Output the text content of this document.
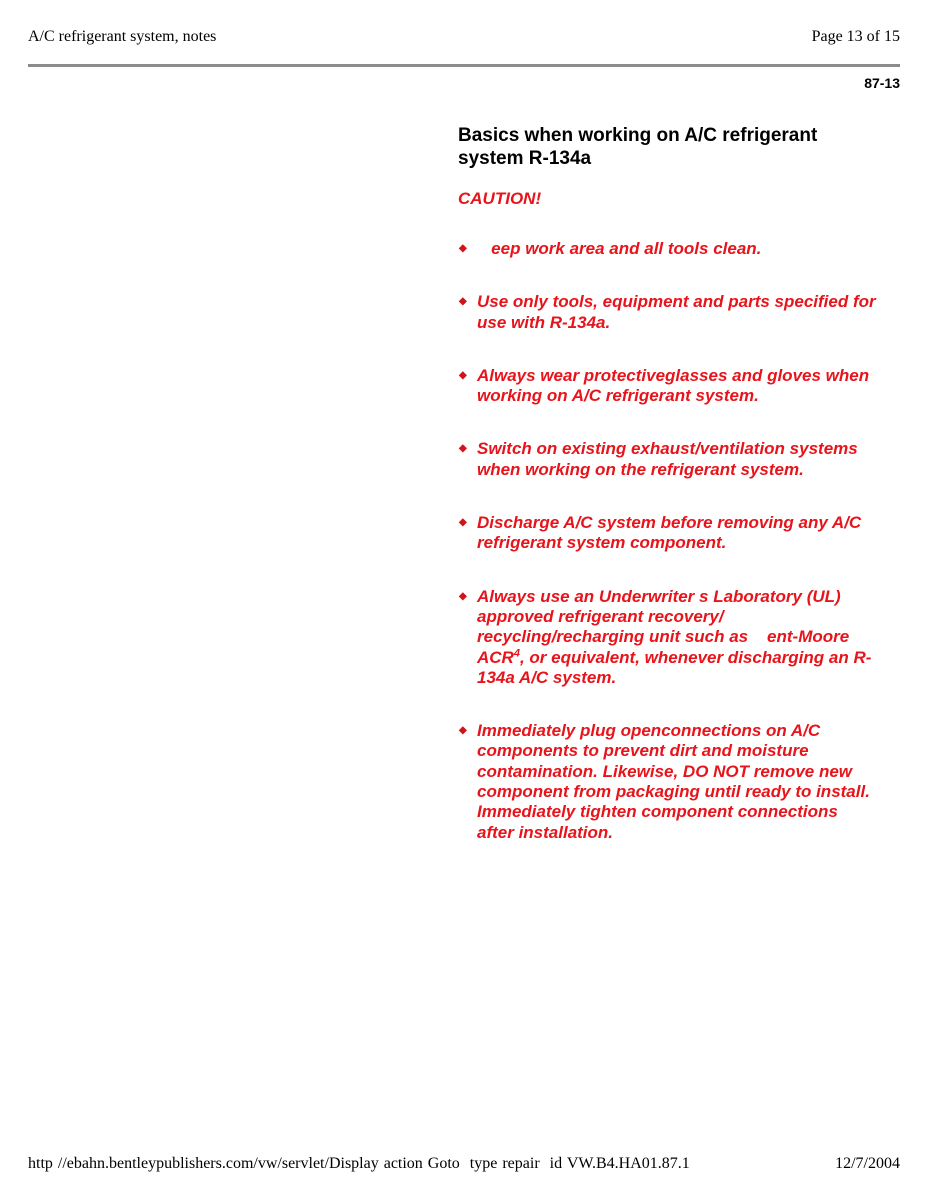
A/C refrigerant system, notes	Page 13 of 15
87-13
Basics when working on A/C refrigerant system R-134a
CAUTION!
◆ eep work area and all tools clean.
◆ Use only tools, equipment and parts specified for use with R-134a.
◆ Always wear protectiveglasses and gloves when working on A/C refrigerant system.
◆ Switch on existing exhaust/ventilation systems when working on the refrigerant system.
◆ Discharge A/C system before removing any A/C refrigerant system component.
◆ Always use an Underwriter s Laboratory (UL) approved refrigerant recovery/ recycling/recharging unit such as    ent-Moore ACR$^4$, or equivalent, whenever discharging an R-134a A/C system.
◆ Immediately plug openconnections on A/C components to prevent dirt and moisture contamination. Likewise, DO NOT remove new component from packaging until ready to install. Immediately tighten component connections after installation.
http //ebahn.bentleypublishers.com/vw/servlet/Display action Goto  type repair  id VW.B4.HA01.87.1	12/7/2004
